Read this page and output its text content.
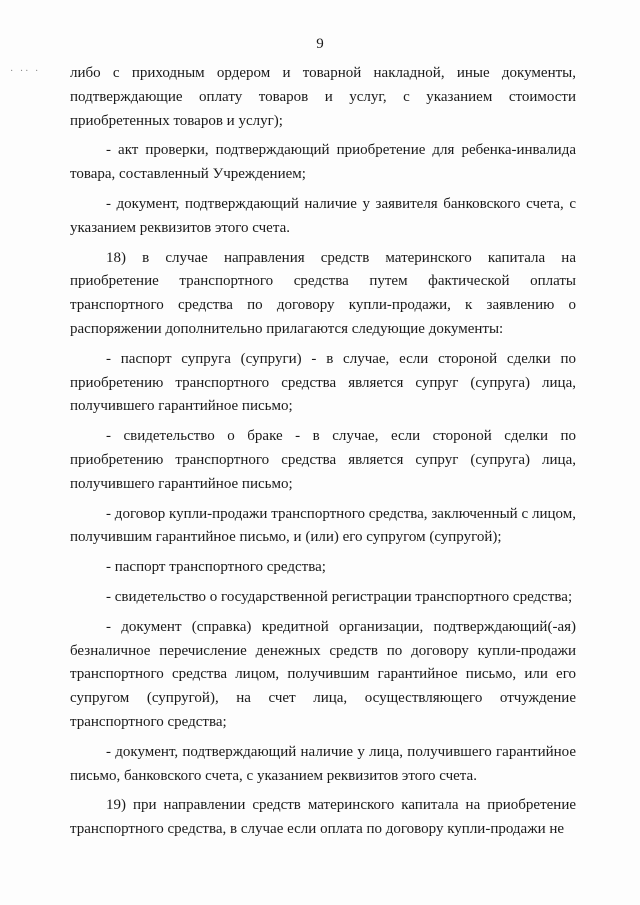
9
· ·· · либо с приходным ордером и товарной накладной, иные документы, подтверждающие оплату товаров и услуг, с указанием стоимости приобретенных товаров и услуг);

- акт проверки, подтверждающий приобретение для ребенка-инвалида товара, составленный Учреждением;

- документ, подтверждающий наличие у заявителя банковского счета, с указанием реквизитов этого счета.

18) в случае направления средств материнского капитала на приобретение транспортного средства путем фактической оплаты транспортного средства по договору купли-продажи, к заявлению о распоряжении дополнительно прилагаются следующие документы:

- паспорт супруга (супруги) - в случае, если стороной сделки по приобретению транспортного средства является супруг (супруга) лица, получившего гарантийное письмо;

- свидетельство о браке - в случае, если стороной сделки по приобретению транспортного средства является супруг (супруга) лица, получившего гарантийное письмо;

- договор купли-продажи транспортного средства, заключенный с лицом, получившим гарантийное письмо, и (или) его супругом (супругой);

- паспорт транспортного средства;

- свидетельство о государственной регистрации транспортного средства;

- документ (справка) кредитной организации, подтверждающий(-ая) безналичное перечисление денежных средств по договору купли-продажи транспортного средства лицом, получившим гарантийное письмо, или его супругом (супругой), на счет лица, осуществляющего отчуждение транспортного средства;

- документ, подтверждающий наличие у лица, получившего гарантийное письмо, банковского счета, с указанием реквизитов этого счета.

19) при направлении средств материнского капитала на приобретение транспортного средства, в случае если оплата по договору купли-продажи не
